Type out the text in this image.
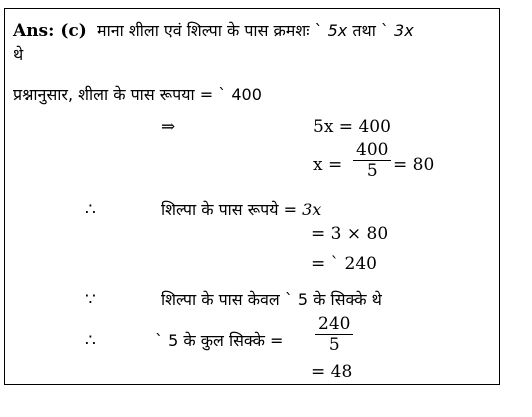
Ans: (c) माना शीला एवं शिल्पा के पास क्रमशः ` 5x तथा ` 3x
थे
प्रश्नानुसार, शीला के पास रूपया = ` 400
⇒	5x = 400
x =
400
5 = 80
∴	शिल्पा के पास रूपये = 3x
= 3 × 80
= ` 240
∵	शिल्पा के पास केवल ` 5 के सिक्के थे
∴	` 5 के कुल सिक्के =
240
5
= 48
